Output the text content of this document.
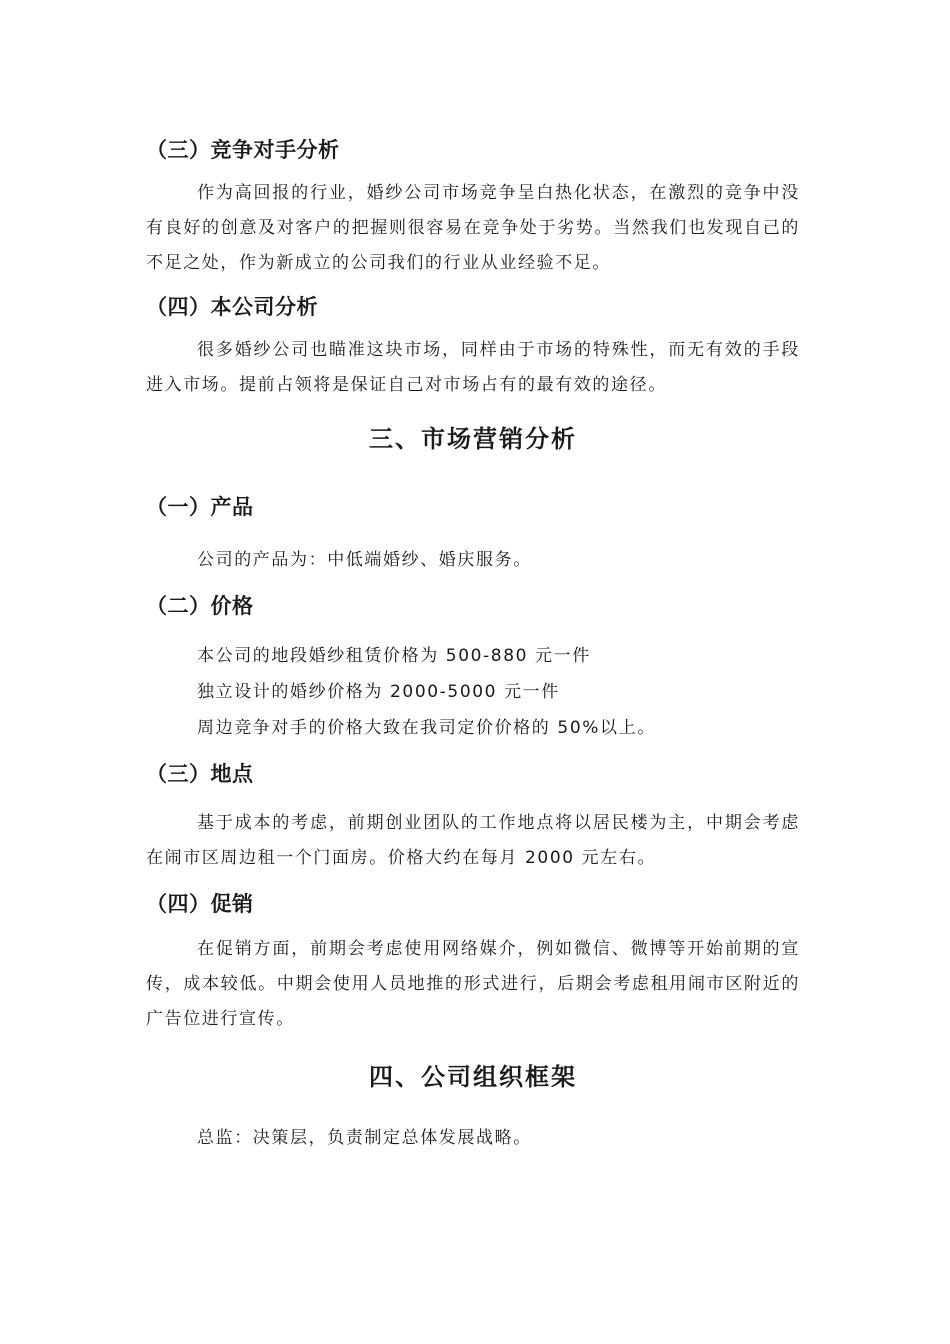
（三）竞争对手分析

作为高回报的行业，婚纱公司市场竞争呈白热化状态，在激烈的竞争中没有良好的创意及对客户的把握则很容易在竞争处于劣势。当然我们也发现自己的不足之处，作为新成立的公司我们的行业从业经验不足。

（四）本公司分析

很多婚纱公司也瞄准这块市场，同样由于市场的特殊性，而无有效的手段进入市场。提前占领将是保证自己对市场占有的最有效的途径。

三、市场营销分析
（一）产品

公司的产品为：中低端婚纱、婚庆服务。

（二）价格

本公司的地段婚纱租赁价格为 500-880 元一件

独立设计的婚纱价格为 2000-5000 元一件

周边竞争对手的价格大致在我司定价价格的 50%以上。

（三）地点

基于成本的考虑，前期创业团队的工作地点将以居民楼为主，中期会考虑在闹市区周边租一个门面房。价格大约在每月 2000 元左右。

（四）促销

在促销方面，前期会考虑使用网络媒介，例如微信、微博等开始前期的宣传，成本较低。中期会使用人员地推的形式进行，后期会考虑租用闹市区附近的广告位进行宣传。

四、公司组织框架

总监：决策层，负责制定总体发展战略。
